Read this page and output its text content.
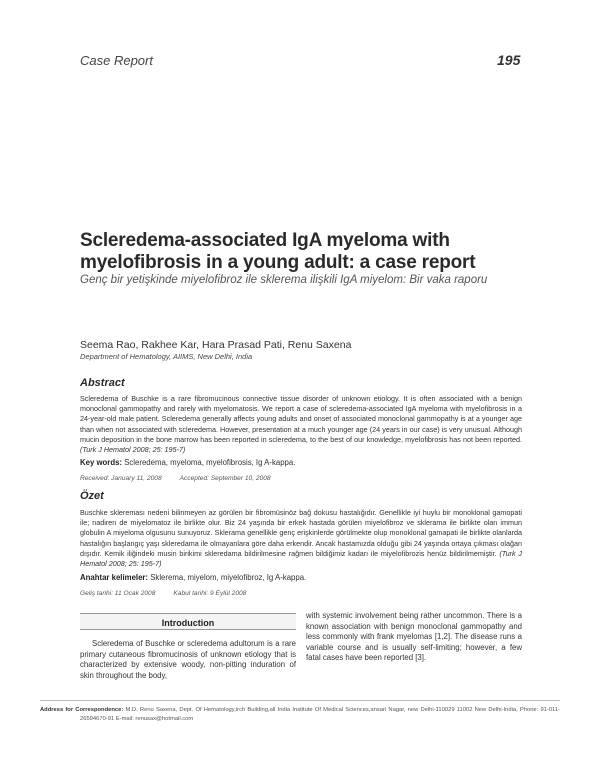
Case Report	195
Scleredema-associated IgA myeloma with myelofibrosis in a young adult: a case report
Genç bir yetişkinde miyelofibroz ile sklerema ilişkili IgA miyelom: Bir vaka raporu
Seema Rao, Rakhee Kar, Hara Prasad Pati, Renu Saxena
Department of Hematology, AIIMS, New Delhi, India
Abstract

Scleredema of Buschke is a rare fibromucinous connective tissue disorder of unknown etiology. It is often associated with a benign monoclonal gammopathy and rarely with myelomatosis. We report a case of scleredema-associated IgA myeloma with myelofibrosis in a 24-year-old male patient. Scleredema generally affects young adults and onset of associated monoclonal gammopathy is at a younger age than when not associated with scleredema. However, presentation at a much younger age (24 years in our case) is very unusual. Although mucin deposition in the bone marrow has been reported in scleredema, to the best of our knowledge, myelofibrosis has not been reported. (Turk J Hematol 2008; 25: 195-7)

Key words: Scleredema, myeloma, myelofibrosis, Ig A-kappa.
Received: January 11, 2008	Accepted: September 10, 2008
Özet

Buschke sklereması nedeni bilinmeyen az görülen bir fibromüsinöz bağ dokusu hastalığıdır. Genellikle iyi huylu bir monoklonal gamopati ile; nadiren de miyelomatoz ile birlikte olur. Biz 24 yaşında bir erkek hastada görülen miyelofibroz ve sklerama ile birlikte olan immun globulin A miyeloma olgusunu sunuyoruz. Sklerama genellikle genç erişkinlerde görülmekte olup monoklonal gamapati ile birlikte olanlarda hastalığın başlangıç yaşı skleredama ile olmayanlara göre daha erkendir. Ancak hastamızda olduğu gibi 24 yaşında ortaya çıkması olağan dışıdır. Kemik iliğindeki musin birikimi skleredama bildirilmesine rağmen bildiğimiz kadarı ile miyelofibrozis henüz bildirilmemiştir. (Turk J Hematol 2008; 25: 195-7)

Anahtar kelimeler: Sklerema, miyelom, miyelofibroz, Ig A-kappa.
Geliş tarihi: 11 Ocak 2008	Kabul tarihi: 9 Eylül 2008
Introduction

Scleredema of Buschke or scleredema adultorum is a rare primary cutaneous fibromucinosis of unknown etiology that is characterized by extensive woody, non-pitting induration of skin throughout the body,

with systemic involvement being rather uncommon. There is a known association with benign monoclonal gammopathy and less commonly with frank myelomas [1,2]. The disease runs a variable course and is usually self-limiting; however, a few fatal cases have been reported [3].

Address for Correspondence: M.D. Renu Saxena, Dept. Of Hematology,irch Building,all India Institute Of Medical Sciences,ansari Nagar, new Delhi-110029 11002 New Delhi-India, Phone: 91-011-26594670-91 E-mail: renusax@hotmail.com
